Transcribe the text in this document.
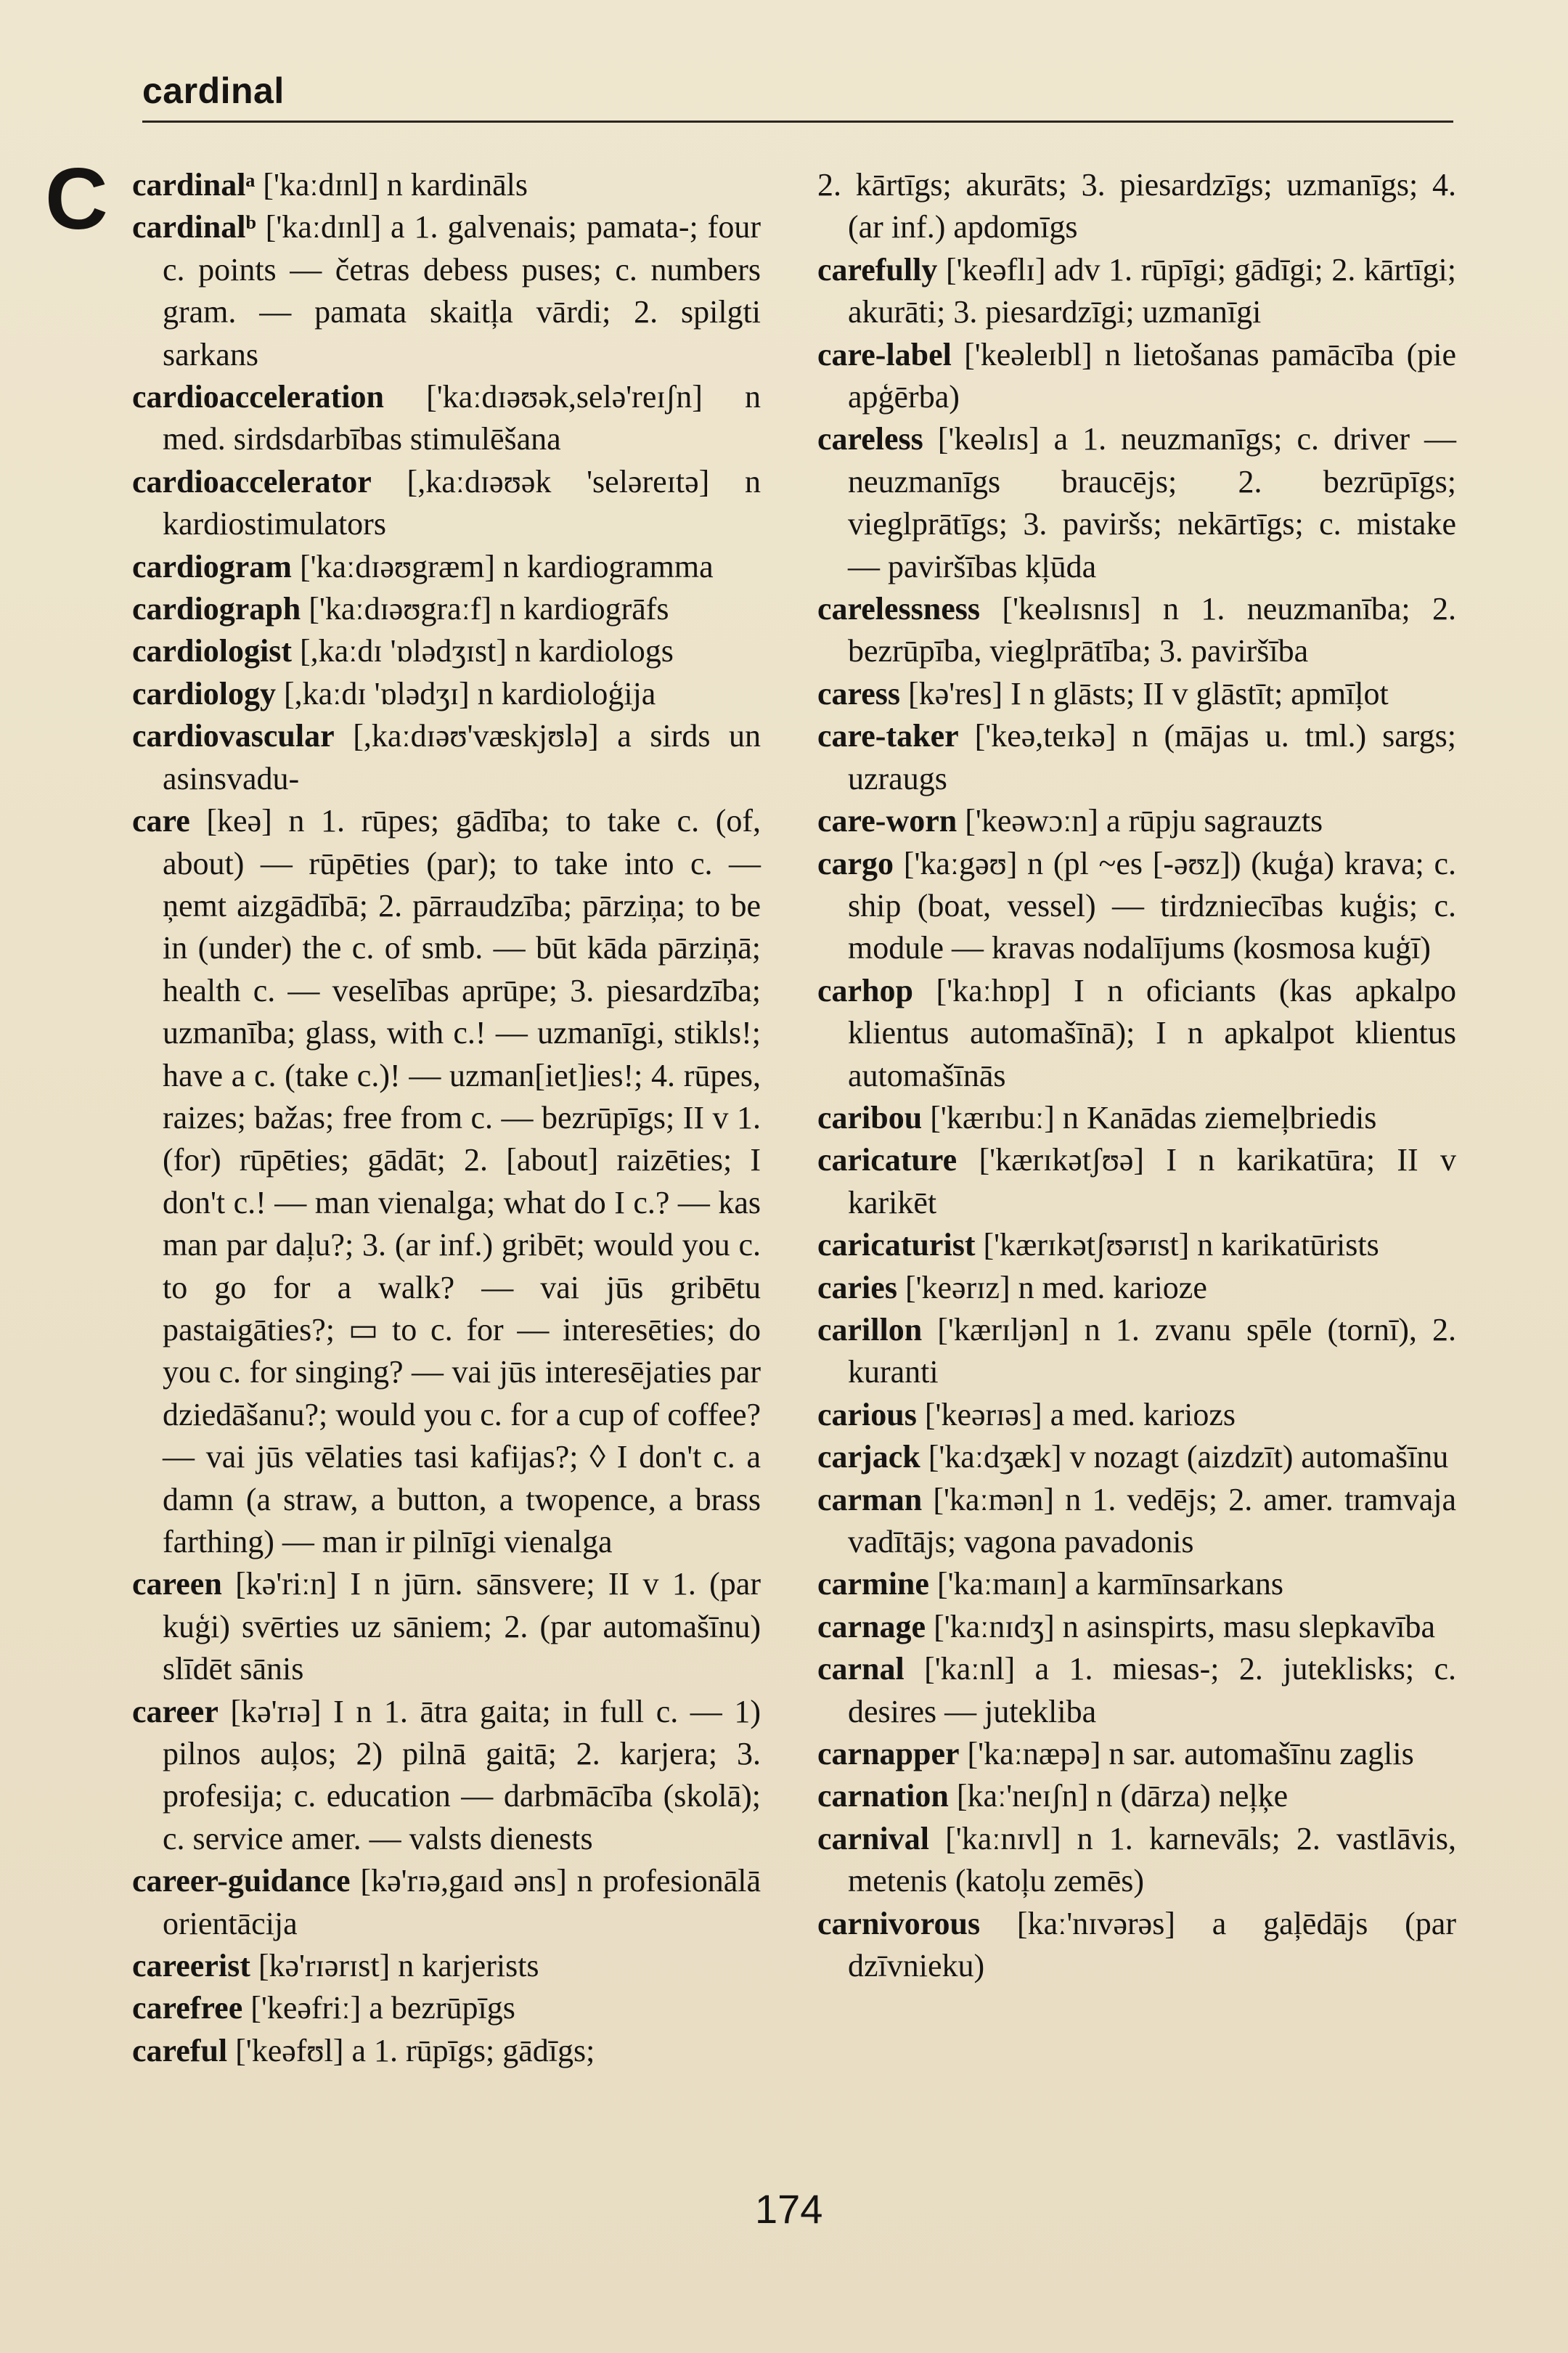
cardinal
C cardinalᵃ ['kaːdɪnl] n kardināls

cardinalᵇ ['kaːdɪnl] a 1. galvenais; pamata-; four c. points — četras debess puses; c. numbers gram. — pamata skaitļa vārdi; 2. spilgti sarkans

cardioacceleration ['kaːdɪəʊək,selə'reɪʃn] n med. sirdsdarbības stimulēšana

cardioaccelerator [,kaːdɪəʊək 'seləreɪtə] n kardiostimulators

cardiogram ['kaːdɪəʊgræm] n kardiogramma

cardiograph ['kaːdɪəʊgraːf] n kardiogrāfs

cardiologist [,kaːdɪ 'ɒlədʒɪst] n kardiologs

cardiology [,kaːdɪ 'ɒlədʒɪ] n kardioloģija

cardiovascular [,kaːdɪəʊ'væskjʊlə] a sirds un asinsvadu-

care [keə] n 1. rūpes; gādība; to take c. (of, about) — rūpēties (par); to take into c. — ņemt aizgādībā; 2. pārraudzība; pārziņa; to be in (under) the c. of smb. — būt kāda pārziņā; health c. — veselības aprūpe; 3. piesardzība; uzmanība; glass, with c.! — uzmanīgi, stikls!; have a c. (take c.)! — uzman[iet]ies!; 4. rūpes, raizes; bažas; free from c. — bezrūpīgs; II v 1. (for) rūpēties; gādāt; 2. [about] raizēties; I don't c.! — man vienalga; what do I c.? — kas man par daļu?; 3. (ar inf.) gribēt; would you c. to go for a walk? — vai jūs gribētu pastaigāties?; ▭ to c. for — interesēties; do you c. for singing? — vai jūs interesējaties par dziedāšanu?; would you c. for a cup of coffee? — vai jūs vēlaties tasi kafijas?; ◊ I don't c. a damn (a straw, a button, a twopence, a brass farthing) — man ir pilnīgi vienalga

careen [kə'riːn] I n jūrn. sānsvere; II v 1. (par kuģi) svērties uz sāniem; 2. (par automašīnu) slīdēt sānis

career [kə'rɪə] I n 1. ātra gaita; in full c. — 1) pilnos auļos; 2) pilnā gaitā; 2. karjera; 3. profesija; c. education — darbmācība (skolā); c. service amer. — valsts dienests

career-guidance [kə'rɪə,gaɪd əns] n profesionālā orientācija

careerist [kə'rɪərɪst] n karjerists

carefree ['keəfriː] a bezrūpīgs

careful ['keəfʊl] a 1. rūpīgs; gādīgs;

2. kārtīgs; akurāts; 3. piesardzīgs; uzmanīgs; 4. (ar inf.) apdomīgs

carefully ['keəflɪ] adv 1. rūpīgi; gādīgi; 2. kārtīgi; akurāti; 3. piesardzīgi; uzmanīgi

care-label ['keəleɪbl] n lietošanas pamācība (pie apģērba)

careless ['keəlɪs] a 1. neuzmanīgs; c. driver — neuzmanīgs braucējs; 2. bezrūpīgs; vieglprātīgs; 3. paviršs; nekārtīgs; c. mistake — paviršības kļūda

carelessness ['keəlɪsnɪs] n 1. neuzmanība; 2. bezrūpība, vieglprātība; 3. paviršība

caress [kə'res] I n glāsts; II v glāstīt; apmīļot

care-taker ['keə,teɪkə] n (mājas u. tml.) sargs; uzraugs

care-worn ['keəwɔːn] a rūpju sagrauzts

cargo ['kaːgəʊ] n (pl ~es [-əʊz]) (kuģa) krava; c. ship (boat, vessel) — tirdzniecības kuģis; c. module — kravas nodalījums (kosmosa kuģī)

carhop ['kaːhɒp] I n oficiants (kas apkalpo klientus automašīnā); I n apkalpot klientus automašīnās

caribou ['kærɪbuː] n Kanādas ziemeļbriedis

caricature ['kærɪkətʃʊə] I n karikatūra; II v karikēt

caricaturist ['kærɪkətʃʊərɪst] n karikatūrists

caries ['keərɪz] n med. karioze

carillon ['kærɪljən] n 1. zvanu spēle (tornī), 2. kuranti

carious ['keərɪəs] a med. kariozs

carjack ['kaːdʒæk] v nozagt (aizdzīt) automašīnu

carman ['kaːmən] n 1. vedējs; 2. amer. tramvaja vadītājs; vagona pavadonis

carmine ['kaːmaɪn] a karmīnsarkans

carnage ['kaːnɪdʒ] n asinspirts, masu slepkavība

carnal ['kaːnl] a 1. miesas-; 2. juteklisks; c. desires — jutekliba

carnapper ['kaːnæpə] n sar. automašīnu zaglis

carnation [kaː'neɪʃn] n (dārza) neļķe

carnival ['kaːnɪvl] n 1. karnevāls; 2. vastlāvis, metenis (katoļu zemēs)

carnivorous [kaː'nɪvərəs] a gaļēdājs (par dzīvnieku)

174
